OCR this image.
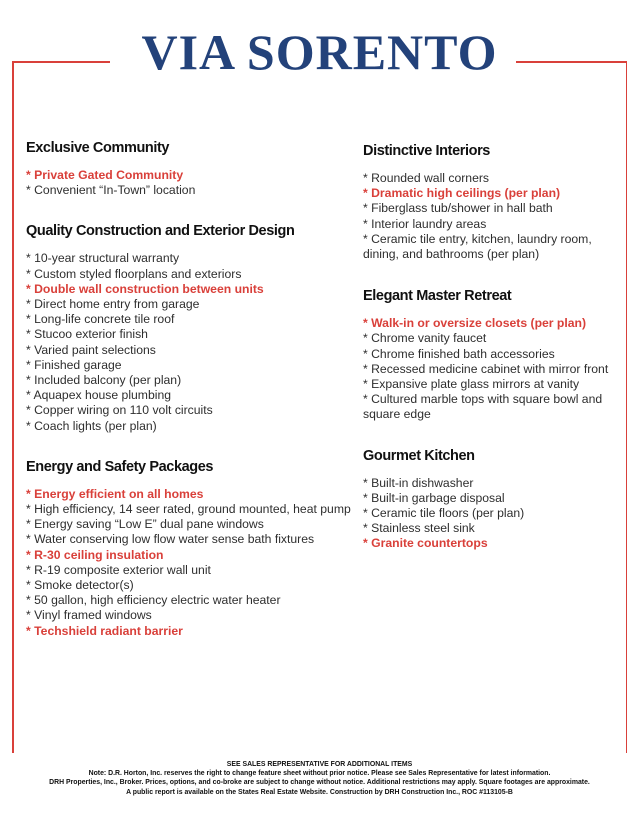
VIA SORENTO
Exclusive Community
* Private Gated Community
* Convenient “In-Town” location
Quality Construction and Exterior Design
* 10-year structural warranty
* Custom styled floorplans and exteriors
* Double wall construction between units
* Direct home entry from garage
* Long-life concrete tile roof
* Stucoo exterior finish
* Varied paint selections
* Finished garage
* Included balcony (per plan)
* Aquapex house plumbing
* Copper wiring on 110 volt circuits
* Coach lights (per plan)
Energy and Safety Packages
* Energy efficient on all homes
* High efficiency, 14 seer rated, ground mounted, heat pump
* Energy saving “Low E” dual pane windows
* Water conserving low flow water sense bath fixtures
* R-30 ceiling insulation
* R-19 composite exterior wall unit
* Smoke detector(s)
* 50 gallon, high efficiency electric water heater
* Vinyl framed windows
* Techshield radiant barrier
Distinctive Interiors
* Rounded wall corners
* Dramatic high ceilings (per plan)
* Fiberglass tub/shower in hall bath
* Interior laundry areas
* Ceramic tile entry, kitchen, laundry room, dining, and bathrooms (per plan)
Elegant Master Retreat
* Walk-in or oversize closets (per plan)
* Chrome vanity faucet
* Chrome finished bath accessories
* Recessed medicine cabinet with mirror front
* Expansive plate glass mirrors at vanity
* Cultured marble tops with square bowl and square edge
Gourmet Kitchen
* Built-in dishwasher
* Built-in garbage disposal
* Ceramic tile floors (per plan)
* Stainless steel sink
* Granite countertops
SEE SALES REPRESENTATIVE FOR ADDITIONAL ITEMS
Note: D.R. Horton, Inc. reserves the right to change feature sheet without prior notice. Please see Sales Representative for latest information.
DRH Properties, Inc., Broker. Prices, options, and co-broke are subject to change without notice. Additional restrictions may apply. Square footages are approximate.
A public report is available on the States Real Estate Website. Construction by DRH Construction Inc., ROC #113105-B
